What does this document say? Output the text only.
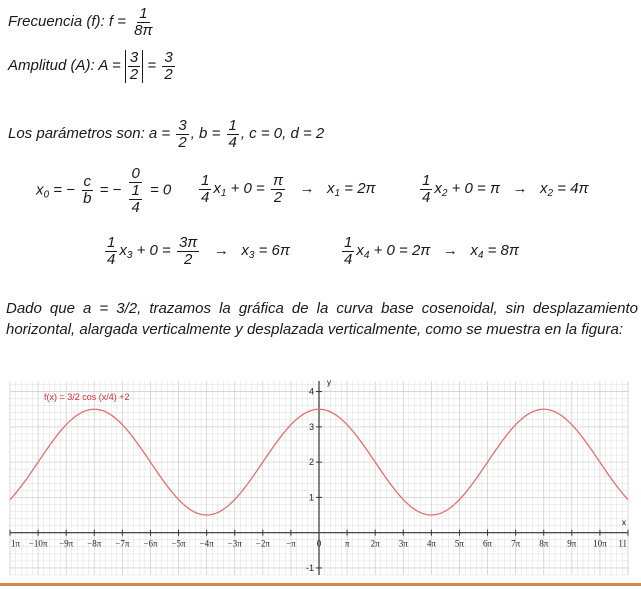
Frecuencia (f): $f = \frac{1}{8\pi}$
Amplitud (A): $A = \frac{3}{2} = \frac{3}{2}$
Los parámetros son: $a = \frac{3}{2}$ , $b = \frac{1}{4}$ , c = 0, d = 2
$x_0$ = − $\frac{c}{b}$ = − $\frac{0}{\frac{1}{4}} = 0 \frac{1}{4} x_1 + 0 = \frac{\pi}{2} \to x_1 = 2\pi$	$\frac{1}{4} x_2 + 0 = \pi \to x_2 = 4\pi$
$\frac{1}{4} x_3 + 0 = \frac{3\pi}{2} \to x_3 = 6\pi$	$\frac{1}{4} x_4 + 0 = 2\pi \to x_4 = 8\pi$
Dado que a = 3/2, trazamos la gráfica de la curva base cosenoidal, sin desplazamiento horizontal, alargada verticalmente y desplazada verticalmente, como se muestra en la figura:
1π −10π −9π −8π −7π −6π −5π −4π −3π −2π −π 0	π 2π 3π 4π 5π 6π 7π 8π 9π 10π 11
-1
1
2
3
4
f(x) = 3/2 cos (x/4) +2
x
y
